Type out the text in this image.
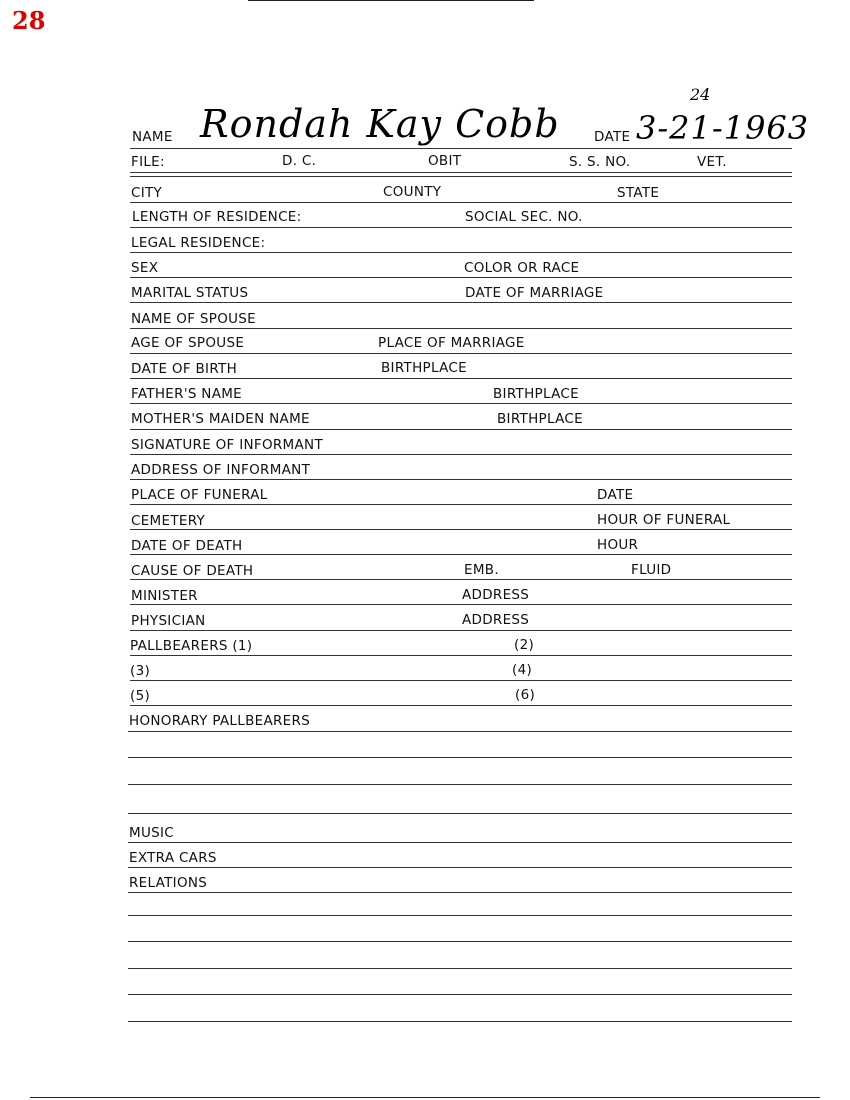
28
NAME Rondah Kay Cobb	DATE 3-21-1963
24
FILE:	D. C.	OBIT	S. S. NO.	VET.
CITY	COUNTY	STATE
LENGTH OF RESIDENCE:	SOCIAL SEC. NO.
LEGAL RESIDENCE:
SEX	COLOR OR RACE
MARITAL STATUS	DATE OF MARRIAGE
NAME OF SPOUSE
AGE OF SPOUSE	PLACE OF MARRIAGE
DATE OF BIRTH	BIRTHPLACE
FATHER'S NAME	BIRTHPLACE
MOTHER'S MAIDEN NAME	BIRTHPLACE
SIGNATURE OF INFORMANT
ADDRESS OF INFORMANT
PLACE OF FUNERAL	DATE
CEMETERY	HOUR OF FUNERAL
DATE OF DEATH	HOUR
CAUSE OF DEATH	EMB.	FLUID
MINISTER	ADDRESS
PHYSICIAN	ADDRESS
PALLBEARERS (1)	(2)
(3)	(4)
(5)	(6)
HONORARY PALLBEARERS
MUSIC
EXTRA CARS
RELATIONS
